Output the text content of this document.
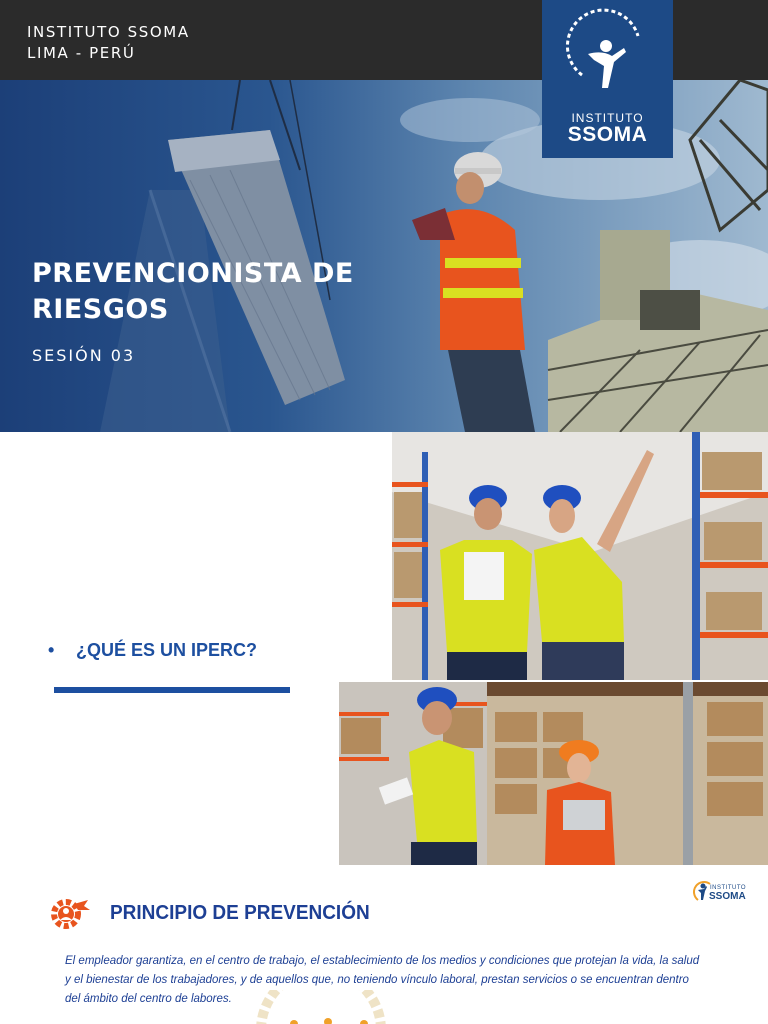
INSTITUTO SSOMA
LIMA - PERÚ
PREVENCIONISTA DE RIESGOS
SESIÓN 03
INSTITUTO
SSOMA
• ¿QUÉ ES UN IPERC?
PRINCIPIO DE PREVENCIÓN
El empleador garantiza, en el centro de trabajo, el establecimiento de los medios y condiciones que protejan la vida, la salud y el bienestar de los trabajadores, y de aquellos que, no teniendo vínculo laboral, prestan servicios o se encuentran dentro del ámbito del centro de labores.
INSTITUTO
SSOMA
